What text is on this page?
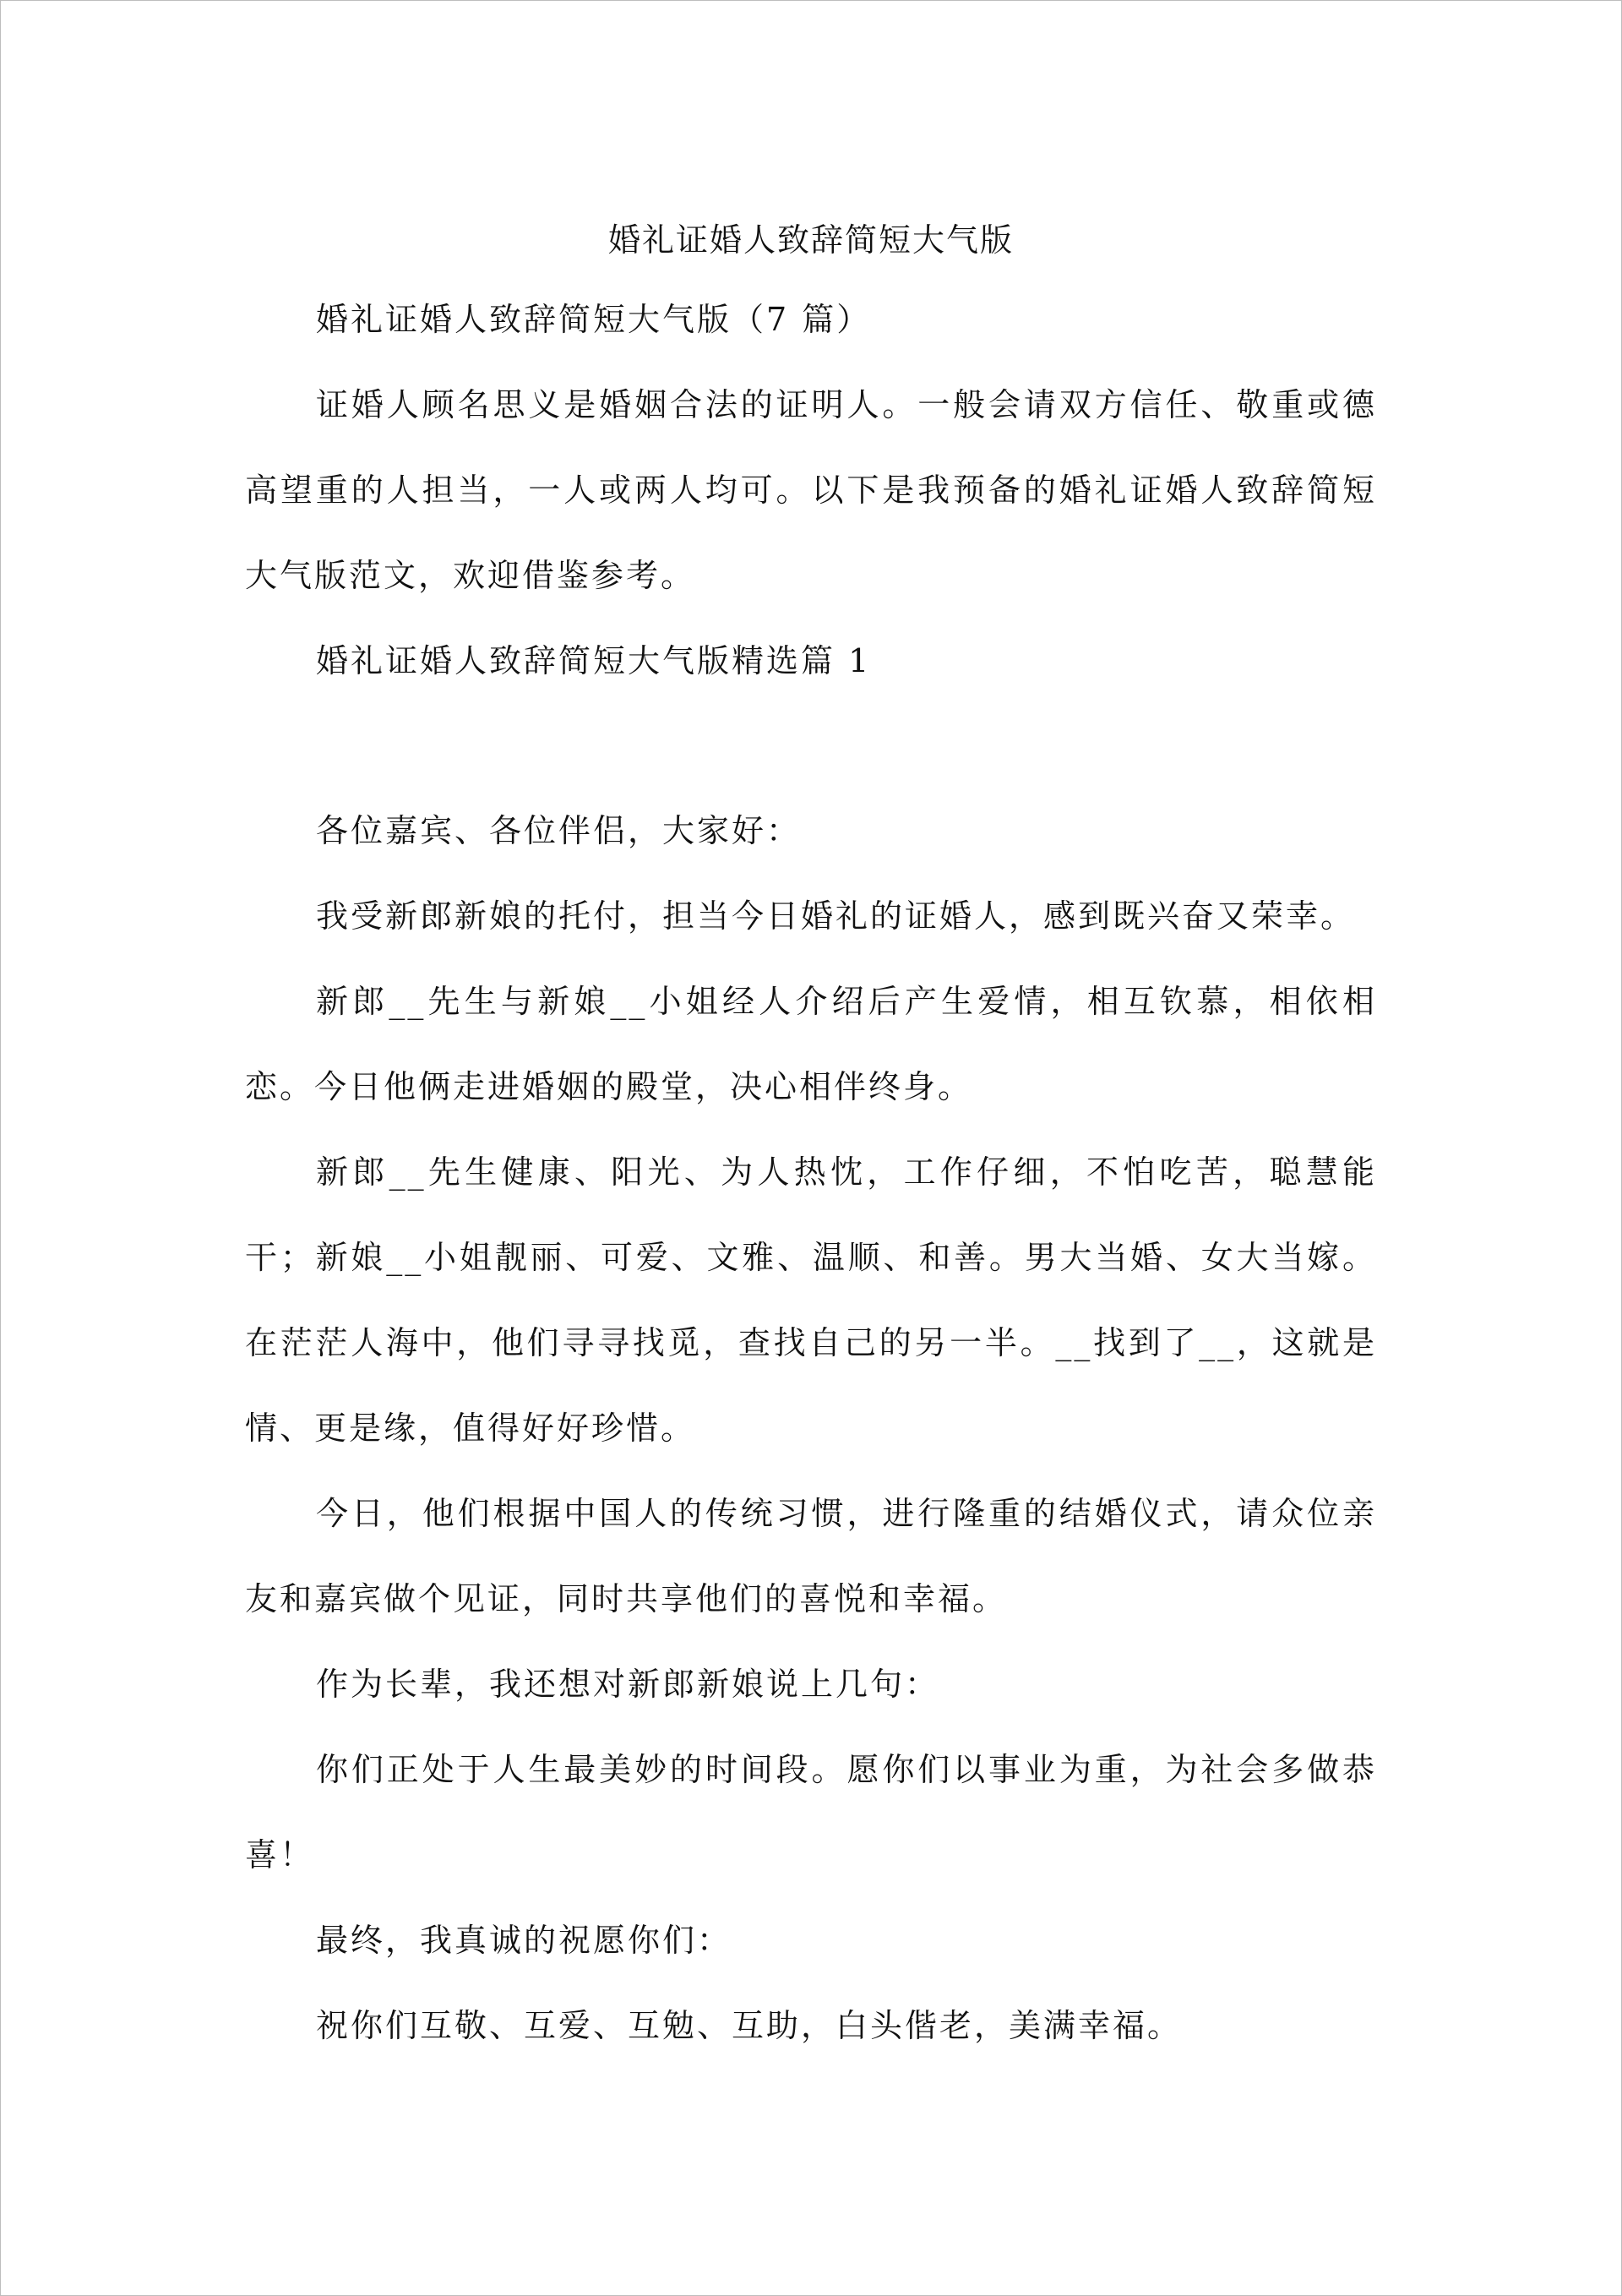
婚礼证婚人致辞简短大气版

婚礼证婚人致辞简短大气版（7 篇）

证婚人顾名思义是婚姻合法的证明人。一般会请双方信任、敬重或德高望重的人担当，一人或两人均可。以下是我预备的婚礼证婚人致辞简短大气版范文，欢迎借鉴参考。

婚礼证婚人致辞简短大气版精选篇 1

各位嘉宾、各位伴侣，大家好：

我受新郎新娘的托付，担当今日婚礼的证婚人，感到既兴奋又荣幸。

新郎__先生与新娘__小姐经人介绍后产生爱情，相互钦慕，相依相恋。今日他俩走进婚姻的殿堂，决心相伴终身。

新郎__先生健康、阳光、为人热忱，工作仔细，不怕吃苦，聪慧能干；新娘__小姐靓丽、可爱、文雅、温顺、和善。男大当婚、女大当嫁。在茫茫人海中，他们寻寻找觅，查找自己的另一半。__找到了__，这就是情、更是缘，值得好好珍惜。

今日，他们根据中国人的传统习惯，进行隆重的结婚仪式，请众位亲友和嘉宾做个见证，同时共享他们的喜悦和幸福。

作为长辈，我还想对新郎新娘说上几句：

你们正处于人生最美妙的时间段。愿你们以事业为重，为社会多做恭喜！

最终，我真诚的祝愿你们：

祝你们互敬、互爱、互勉、互助，白头偕老，美满幸福。
